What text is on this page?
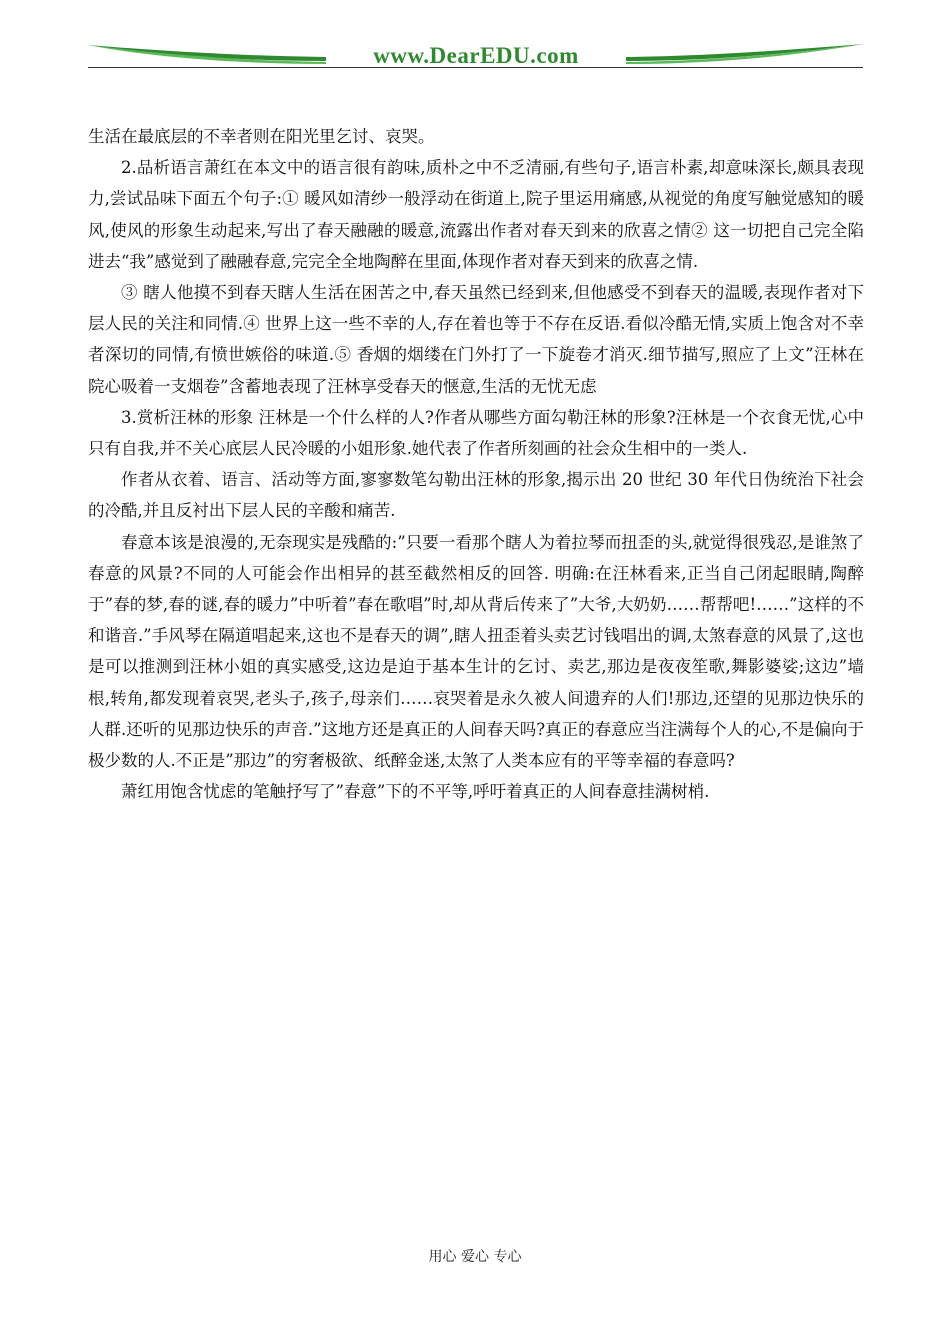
www.DearEDU.com

生活在最底层的不幸者则在阳光里乞讨、哀哭。

2.品析语言萧红在本文中的语言很有韵味,质朴之中不乏清丽,有些句子,语言朴素,却意味深长,颇具表现力,尝试品味下面五个句子:① 暖风如清纱一般浮动在街道上,院子里运用痛感,从视觉的角度写触觉感知的暖风,使风的形象生动起来,写出了春天融融的暖意,流露出作者对春天到来的欣喜之情② 这一切把自己完全陷进去“我”感觉到了融融春意,完完全全地陶醉在里面,体现作者对春天到来的欣喜之情.

③ 瞎人他摸不到春天瞎人生活在困苦之中,春天虽然已经到来,但他感受不到春天的温暖,表现作者对下层人民的关注和同情.④ 世界上这一些不幸的人,存在着也等于不存在反语.看似冷酷无情,实质上饱含对不幸者深切的同情,有愤世嫉俗的味道.⑤ 香烟的烟缕在门外打了一下旋卷才消灭.细节描写,照应了上文”汪林在院心吸着一支烟卷”含蓄地表现了汪林享受春天的惬意,生活的无忧无虑

3.赏析汪林的形象 汪林是一个什么样的人?作者从哪些方面勾勒汪林的形象?汪林是一个衣食无忧,心中只有自我,并不关心底层人民冷暖的小姐形象.她代表了作者所刻画的社会众生相中的一类人.

作者从衣着、语言、活动等方面,寥寥数笔勾勒出汪林的形象,揭示出 20 世纪 30 年代日伪统治下社会的冷酷,并且反衬出下层人民的辛酸和痛苦.

春意本该是浪漫的,无奈现实是残酷的:”只要一看那个瞎人为着拉琴而扭歪的头,就觉得很残忍,是谁煞了春意的风景?不同的人可能会作出相异的甚至截然相反的回答. 明确:在汪林看来,正当自己闭起眼睛,陶醉于”春的梦,春的谜,春的暖力”中听着”春在歌唱”时,却从背后传来了”大爷,大奶奶……帮帮吧!……”这样的不和谐音.”手风琴在隔道唱起来,这也不是春天的调”,瞎人扭歪着头卖艺讨钱唱出的调,太煞春意的风景了,这也是可以推测到汪林小姐的真实感受,这边是迫于基本生计的乞讨、卖艺,那边是夜夜笙歌,舞影婆娑;这边”墙根,转角,都发现着哀哭,老头子,孩子,母亲们……哀哭着是永久被人间遗弃的人们!那边,还望的见那边快乐的人群.还听的见那边快乐的声音.”这地方还是真正的人间春天吗?真正的春意应当注满每个人的心,不是偏向于极少数的人.不正是”那边”的穷奢极欲、纸醉金迷,太煞了人类本应有的平等幸福的春意吗?

萧红用饱含忧虑的笔触抒写了”春意”下的不平等,呼吁着真正的人间春意挂满树梢.

用心 爱心 专心
